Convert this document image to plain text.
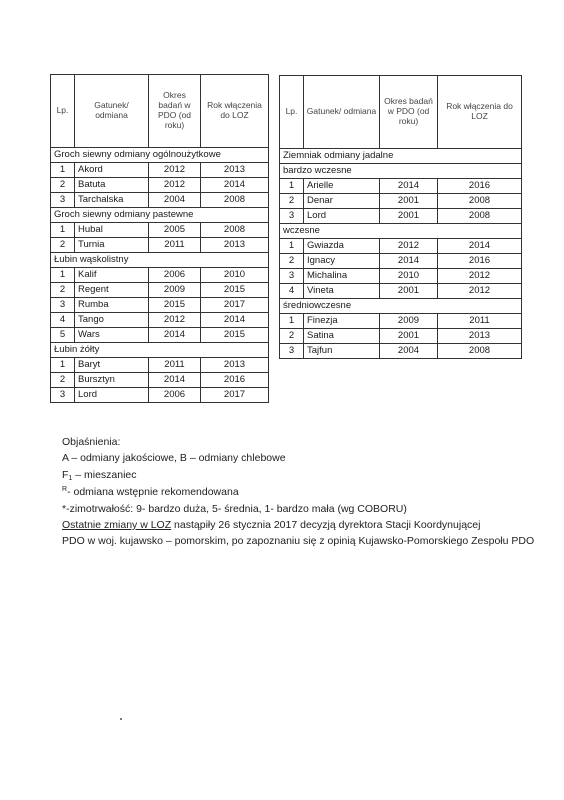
Lp.	Gatunek/ odmiana	Okres badań w PDO (od roku)	Rok włączenia do LOZ
Groch siewny odmiany ogólnoużytkowe			
1	Akord	2012	2013
2	Batuta	2012	2014
3	Tarchalska	2004	2008
Groch siewny odmiany pastewne			
1	Hubal	2005	2008
2	Turnia	2011	2013
Łubin wąskolistny			
1	Kalif	2006	2010
2	Regent	2009	2015
3	Rumba	2015	2017
4	Tango	2012	2014
5	Wars	2014	2015
Łubin żółty			
1	Baryt	2011	2013
2	Bursztyn	2014	2016
3	Lord	2006	2017
Lp.	Gatunek/ odmiana	Okres badań w PDO (od roku)	Rok włączenia do LOZ
Ziemniak odmiany jadalne			
bardzo wczesne			
1	Arielle	2014	2016
2	Denar	2001	2008
3	Lord	2001	2008
wczesne			
1	Gwiazda	2012	2014
2	Ignacy	2014	2016
3	Michalina	2010	2012
4	Vineta	2001	2012
średniowczesne			
1	Finezja	2009	2011
2	Satina	2001	2013
3	Tajfun	2004	2008

Objaśnienia:

A – odmiany jakościowe, B – odmiany chlebowe

$F_1$ – mieszaniec

$^R$- odmiana wstępnie rekomendowana

*-zimotrwałość: 9- bardzo duża, 5- średnia, 1- bardzo mała (wg COBORU)

Ostatnie zmiany w LOZ nastąpiły 26 stycznia 2017 decyzją dyrektora Stacji Koordynującej

PDO w woj. kujawsko – pomorskim, po zapoznaniu się z opinią Kujawsko-Pomorskiego Zespołu PDO
